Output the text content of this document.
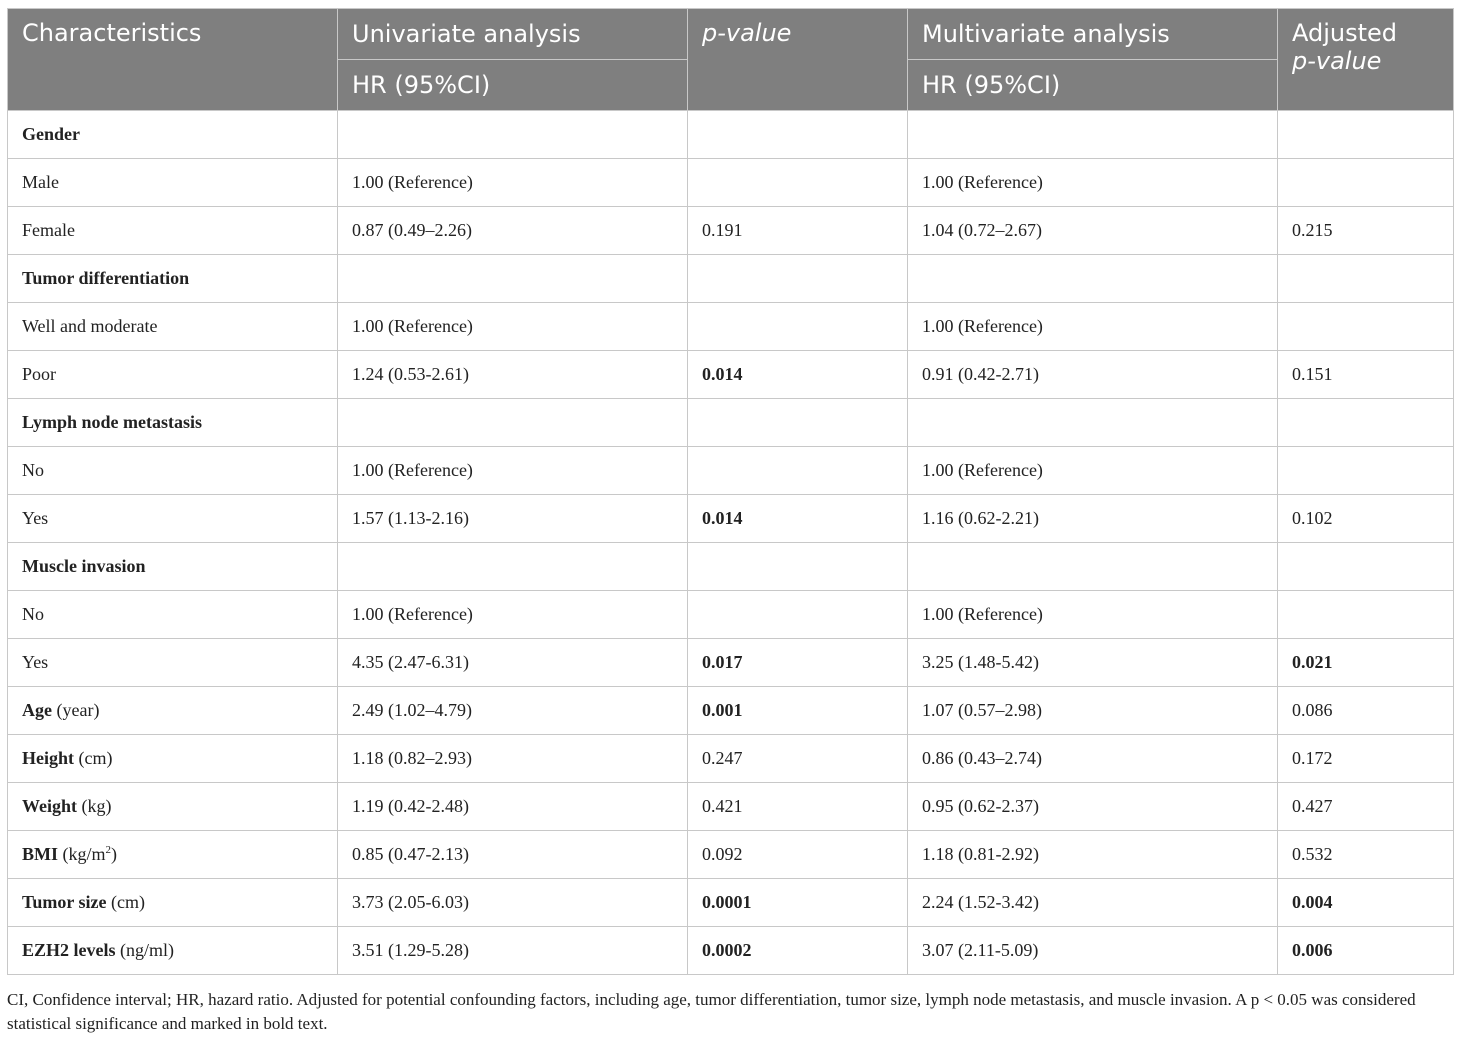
Characteristics	Univariate analysis	p-value	Multivariate analysis	Adjusted
p-value
	HR (95%CI)		HR (95%CI)	
Gender				
Male	1.00 (Reference)		1.00 (Reference)	
Female	0.87 (0.49–2.26)	0.191	1.04 (0.72–2.67)	0.215
Tumor differentiation				
Well and moderate	1.00 (Reference)		1.00 (Reference)	
Poor	1.24 (0.53-2.61)	0.014	0.91 (0.42-2.71)	0.151
Lymph node metastasis				
No	1.00 (Reference)		1.00 (Reference)	
Yes	1.57 (1.13-2.16)	0.014	1.16 (0.62-2.21)	0.102
Muscle invasion				
No	1.00 (Reference)		1.00 (Reference)	
Yes	4.35 (2.47-6.31)	0.017	3.25 (1.48-5.42)	0.021
Age (year)	2.49 (1.02–4.79)	0.001	1.07 (0.57–2.98)	0.086
Height (cm)	1.18 (0.82–2.93)	0.247	0.86 (0.43–2.74)	0.172
Weight (kg)	1.19 (0.42-2.48)	0.421	0.95 (0.62-2.37)	0.427
BMI $(kg/m^2)$	0.85 (0.47-2.13)	0.092	1.18 (0.81-2.92)	0.532
Tumor size (cm)	3.73 (2.05-6.03)	0.0001	2.24 (1.52-3.42)	0.004
EZH2 levels (ng/ml)	3.51 (1.29-5.28)	0.0002	3.07 (2.11-5.09)	0.006
CI, Confidence interval; HR, hazard ratio. Adjusted for potential confounding factors, including age, tumor differentiation, tumor size, lymph node metastasis, and muscle invasion. A p < 0.05 was considered statistical significance and marked in bold text.
